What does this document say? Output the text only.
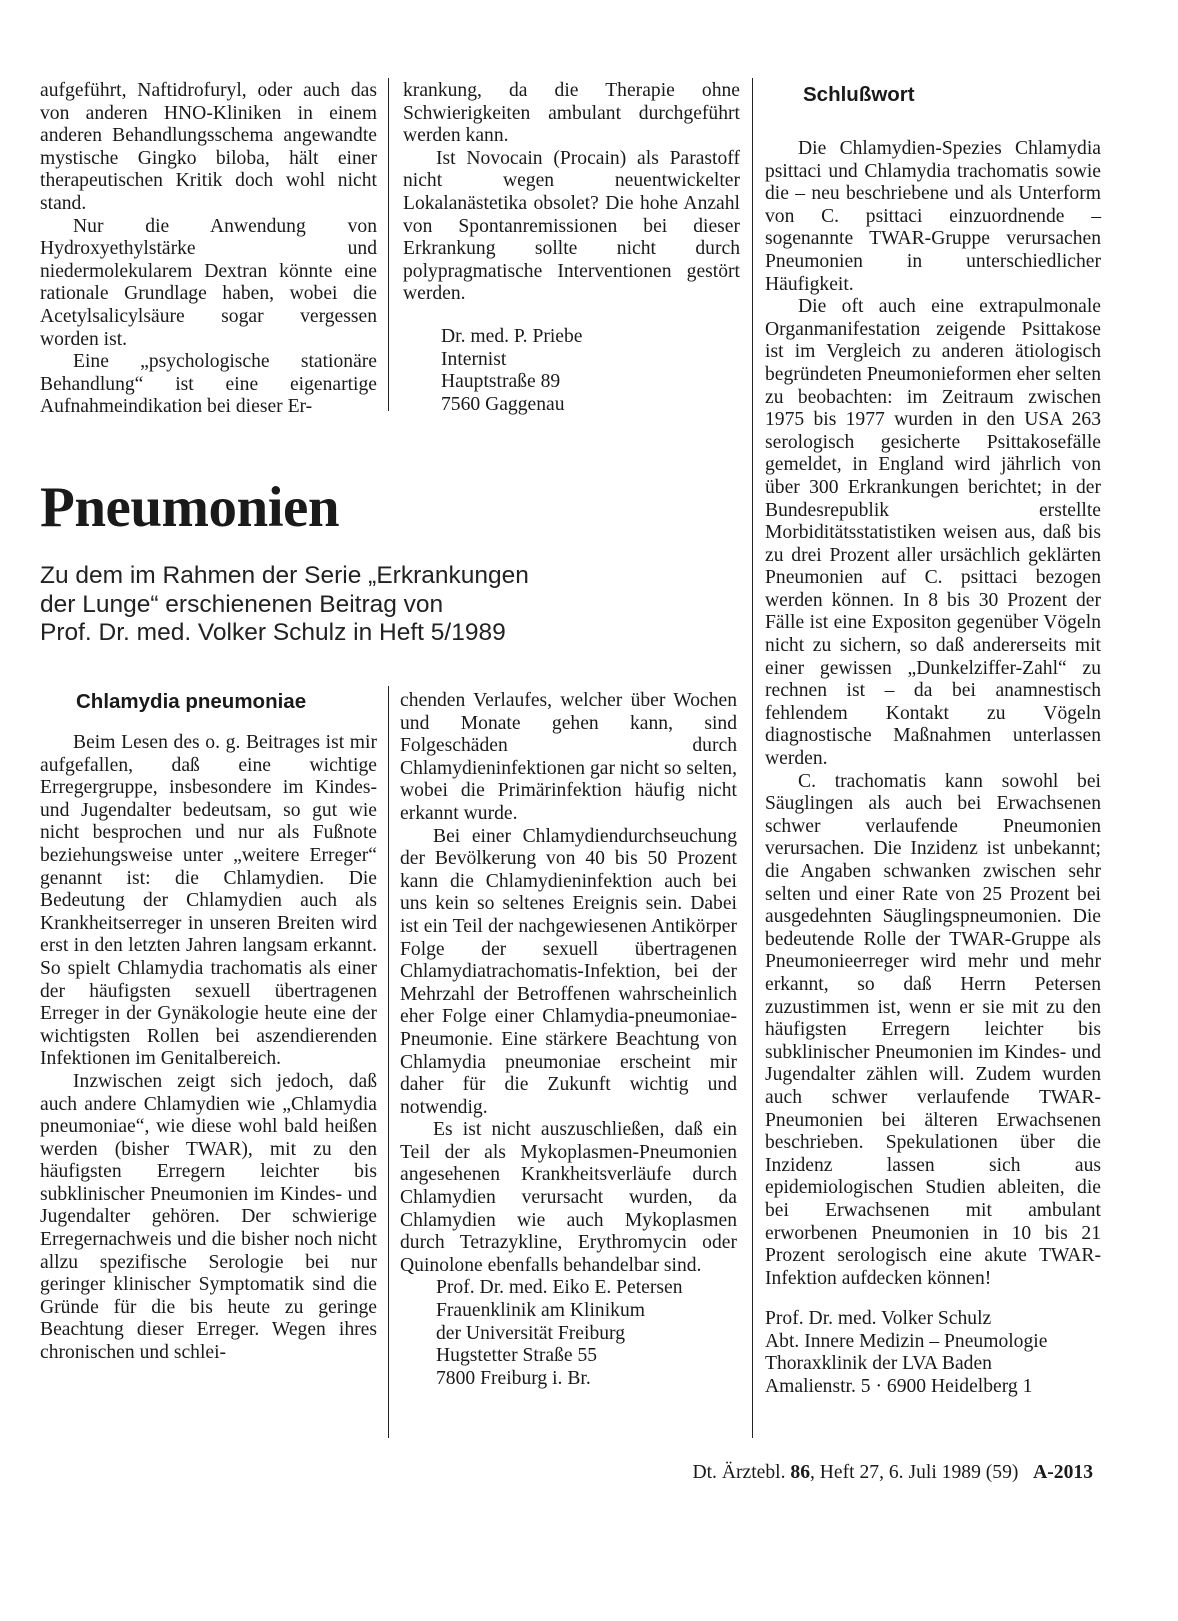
aufgeführt, Naftidrofuryl, oder auch das von anderen HNO-Kliniken in einem anderen Behandlungsschema angewandte mystische Gingko biloba, hält einer therapeutischen Kritik doch wohl nicht stand.

Nur die Anwendung von Hydroxyethylstärke und niedermolekularem Dextran könnte eine rationale Grundlage haben, wobei die Acetylsalicylsäure sogar vergessen worden ist.

Eine „psychologische stationäre Behandlung“ ist eine eigenartige Aufnahmeindikation bei dieser Er-

krankung, da die Therapie ohne Schwierigkeiten ambulant durchgeführt werden kann.

Ist Novocain (Procain) als Parastoff nicht wegen neuentwickelter Lokalanästetika obsolet? Die hohe Anzahl von Spontanremissionen bei dieser Erkrankung sollte nicht durch polypragmatische Interventionen gestört werden.

Dr. med. P. Priebe
Internist
Hauptstraße 89
7560 Gaggenau
Pneumonien
Zu dem im Rahmen der Serie „Erkrankungen
der Lunge“ erschienenen Beitrag von
Prof. Dr. med. Volker Schulz in Heft 5/1989
Chlamydia pneumoniae

Beim Lesen des o. g. Beitrages ist mir aufgefallen, daß eine wichtige Erregergruppe, insbesondere im Kindes- und Jugendalter bedeutsam, so gut wie nicht besprochen und nur als Fußnote beziehungsweise unter „weitere Erreger“ genannt ist: die Chlamydien. Die Bedeutung der Chlamydien auch als Krankheitserreger in unseren Breiten wird erst in den letzten Jahren langsam erkannt. So spielt Chlamydia trachomatis als einer der häufigsten sexuell übertragenen Erreger in der Gynäkologie heute eine der wichtigsten Rollen bei aszendierenden Infektionen im Genitalbereich.

Inzwischen zeigt sich jedoch, daß auch andere Chlamydien wie „Chlamydia pneumoniae“, wie diese wohl bald heißen werden (bisher TWAR), mit zu den häufigsten Erregern leichter bis subklinischer Pneumonien im Kindes- und Jugendalter gehören. Der schwierige Erregernachweis und die bisher noch nicht allzu spezifische Serologie bei nur geringer klinischer Symptomatik sind die Gründe für die bis heute zu geringe Beachtung dieser Erreger. Wegen ihres chronischen und schlei-

chenden Verlaufes, welcher über Wochen und Monate gehen kann, sind Folgeschäden durch Chlamydieninfektionen gar nicht so selten, wobei die Primärinfektion häufig nicht erkannt wurde.

Bei einer Chlamydiendurchseuchung der Bevölkerung von 40 bis 50 Prozent kann die Chlamydieninfektion auch bei uns kein so seltenes Ereignis sein. Dabei ist ein Teil der nachgewiesenen Antikörper Folge der sexuell übertragenen Chlamydiatrachomatis-Infektion, bei der Mehrzahl der Betroffenen wahrscheinlich eher Folge einer Chlamydia-pneumoniae-Pneumonie. Eine stärkere Beachtung von Chlamydia pneumoniae erscheint mir daher für die Zukunft wichtig und notwendig.

Es ist nicht auszuschließen, daß ein Teil der als Mykoplasmen-Pneumonien angesehenen Krankheitsverläufe durch Chlamydien verursacht wurden, da Chlamydien wie auch Mykoplasmen durch Tetrazykline, Erythromycin oder Quinolone ebenfalls behandelbar sind.

Prof. Dr. med. Eiko E. Petersen
Frauenklinik am Klinikum
der Universität Freiburg
Hugstetter Straße 55
7800 Freiburg i. Br.
Schlußwort

Die Chlamydien-Spezies Chlamydia psittaci und Chlamydia trachomatis sowie die – neu beschriebene und als Unterform von C. psittaci einzuordnende – sogenannte TWAR-Gruppe verursachen Pneumonien in unterschiedlicher Häufigkeit.

Die oft auch eine extrapulmonale Organmanifestation zeigende Psittakose ist im Vergleich zu anderen ätiologisch begründeten Pneumonieformen eher selten zu beobachten: im Zeitraum zwischen 1975 bis 1977 wurden in den USA 263 serologisch gesicherte Psittakosefälle gemeldet, in England wird jährlich von über 300 Erkrankungen berichtet; in der Bundesrepublik erstellte Morbiditätsstatistiken weisen aus, daß bis zu drei Prozent aller ursächlich geklärten Pneumonien auf C. psittaci bezogen werden können. In 8 bis 30 Prozent der Fälle ist eine Expositon gegenüber Vögeln nicht zu sichern, so daß andererseits mit einer gewissen „Dunkelziffer-Zahl“ zu rechnen ist – da bei anamnestisch fehlendem Kontakt zu Vögeln diagnostische Maßnahmen unterlassen werden.

C. trachomatis kann sowohl bei Säuglingen als auch bei Erwachsenen schwer verlaufende Pneumonien verursachen. Die Inzidenz ist unbekannt; die Angaben schwanken zwischen sehr selten und einer Rate von 25 Prozent bei ausgedehnten Säuglingspneumonien. Die bedeutende Rolle der TWAR-Gruppe als Pneumonieerreger wird mehr und mehr erkannt, so daß Herrn Petersen zuzustimmen ist, wenn er sie mit zu den häufigsten Erregern leichter bis subklinischer Pneumonien im Kindes- und Jugendalter zählen will. Zudem wurden auch schwer verlaufende TWAR-Pneumonien bei älteren Erwachsenen beschrieben. Spekulationen über die Inzidenz lassen sich aus epidemiologischen Studien ableiten, die bei Erwachsenen mit ambulant erworbenen Pneumonien in 10 bis 21 Prozent serologisch eine akute TWAR-Infektion aufdecken können!

Prof. Dr. med. Volker Schulz
Abt. Innere Medizin – Pneumologie
Thoraxklinik der LVA Baden
Amalienstr. 5 · 6900 Heidelberg 1
Dt. Ärztebl. 86, Heft 27, 6. Juli 1989 (59) A-2013
